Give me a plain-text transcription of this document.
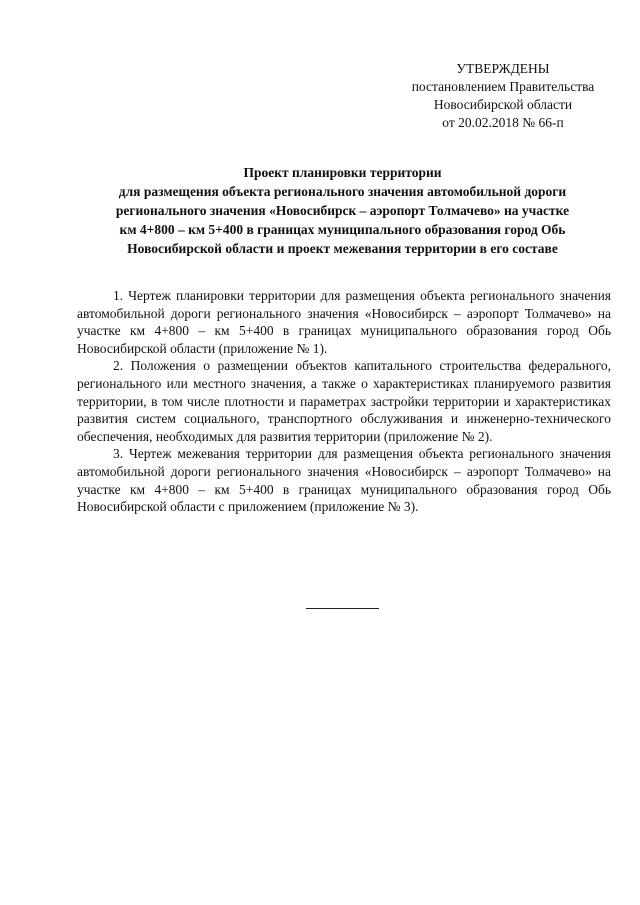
УТВЕРЖДЕНЫ
постановлением Правительства
Новосибирской области
от 20.02.2018 № 66-п
Проект планировки территории
для размещения объекта регионального значения автомобильной дороги
регионального значения «Новосибирск – аэропорт Толмачево» на участке
км 4+800 – км 5+400 в границах муниципального образования город Обь
Новосибирской области и проект межевания территории в его составе

1. Чертеж планировки территории для размещения объекта регионального значения автомобильной дороги регионального значения «Новосибирск – аэропорт Толмачево» на участке км 4+800 – км 5+400 в границах муниципального образования город Обь Новосибирской области (приложение № 1).

2. Положения о размещении объектов капитального строительства федерального, регионального или местного значения, а также о характеристиках планируемого развития территории, в том числе плотности и параметрах застройки территории и характеристиках развития систем социального, транспортного обслуживания и инженерно-технического обеспечения, необходимых для развития территории (приложение № 2).

3. Чертеж межевания территории для размещения объекта регионального значения автомобильной дороги регионального значения «Новосибирск – аэропорт Толмачево» на участке км 4+800 – км 5+400 в границах муниципального образования город Обь Новосибирской области с приложением (приложение № 3).
